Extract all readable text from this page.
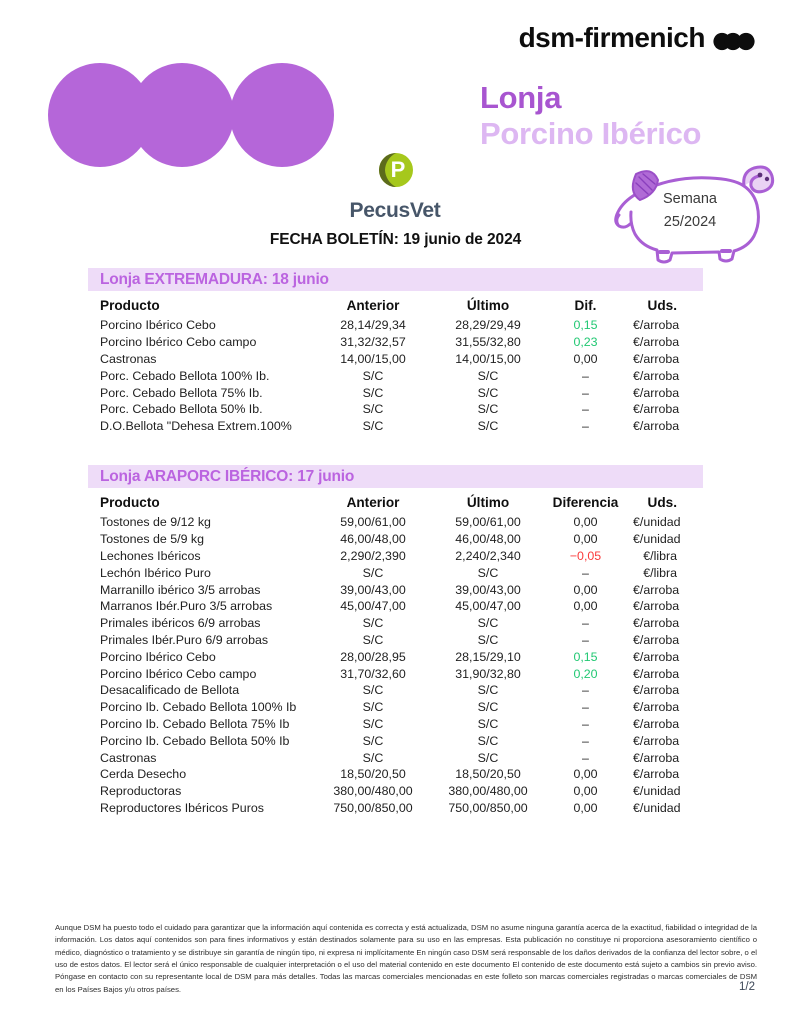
dsm-firmenich
Lonja
Porcino Ibérico
P
PecusVet	Semana
25/2024
FECHA BOLETÍN: 19 junio de 2024
Lonja EXTREMADURA: 18 junio
Producto	Anterior	Último	Dif.	Uds.
Porcino Ibérico Cebo	28,14/29,34	28,29/29,49	0,15	€/arroba
Porcino Ibérico Cebo campo	31,32/32,57	31,55/32,80	0,23	€/arroba
Castronas	14,00/15,00	14,00/15,00	0,00	€/arroba
Porc. Cebado Bellota 100% Ib.	S/C	S/C	–	€/arroba
Porc. Cebado Bellota 75% Ib.	S/C	S/C	–	€/arroba
Porc. Cebado Bellota 50% Ib.	S/C	S/C	–	€/arroba
D.O.Bellota "Dehesa Extrem.100%	S/C	S/C	–	€/arroba
Lonja ARAPORC IBÉRICO: 17 junio
Producto	Anterior	Último	Diferencia	Uds.
Tostones de 9/12 kg	59,00/61,00	59,00/61,00	0,00	€/unidad
Tostones de 5/9 kg	46,00/48,00	46,00/48,00	0,00	€/unidad
Lechones Ibéricos	2,290/2,390	2,240/2,340	−0,05	€/libra
Lechón Ibérico Puro	S/C	S/C	–	€/libra
Marranillo ibérico 3/5 arrobas	39,00/43,00	39,00/43,00	0,00	€/arroba
Marranos Ibér.Puro 3/5 arrobas	45,00/47,00	45,00/47,00	0,00	€/arroba
Primales ibéricos 6/9 arrobas	S/C	S/C	–	€/arroba
Primales Ibér.Puro 6/9 arrobas	S/C	S/C	–	€/arroba
Porcino Ibérico Cebo	28,00/28,95	28,15/29,10	0,15	€/arroba
Porcino Ibérico Cebo campo	31,70/32,60	31,90/32,80	0,20	€/arroba
Desacalificado de Bellota	S/C	S/C	–	€/arroba
Porcino Ib. Cebado Bellota 100% Ib	S/C	S/C	–	€/arroba
Porcino Ib. Cebado Bellota 75% Ib	S/C	S/C	–	€/arroba
Porcino Ib. Cebado Bellota 50% Ib	S/C	S/C	–	€/arroba
Castronas	S/C	S/C	–	€/arroba
Cerda Desecho	18,50/20,50	18,50/20,50	0,00	€/arroba
Reproductoras	380,00/480,00	380,00/480,00	0,00	€/unidad
Reproductores Ibéricos Puros	750,00/850,00	750,00/850,00	0,00	€/unidad
Aunque DSM ha puesto todo el cuidado para garantizar que la información aquí contenida es correcta y está actualizada, DSM no asume ninguna garantía acerca de la exactitud, fiabilidad o integridad de la información. Los datos aquí contenidos son para fines informativos y están destinados solamente para su uso en las empresas. Esta publicación no constituye ni proporciona asesoramiento científico o médico, diagnóstico o tratamiento y se distribuye sin garantía de ningún tipo, ni expresa ni implícitamente En ningún caso DSM será responsable de los daños derivados de la confianza del lector sobre, o el uso de estos datos. El lector será el único responsable de cualquier interpretación o el uso del material contenido en este documento El contenido de este documento está sujeto a cambios sin previo aviso. Póngase en contacto con su representante local de DSM para más detalles. Todas las marcas comerciales mencionadas en este folleto son marcas comerciales registradas o marcas comerciales de DSM en los Países Bajos y/u otros países.	1/2
